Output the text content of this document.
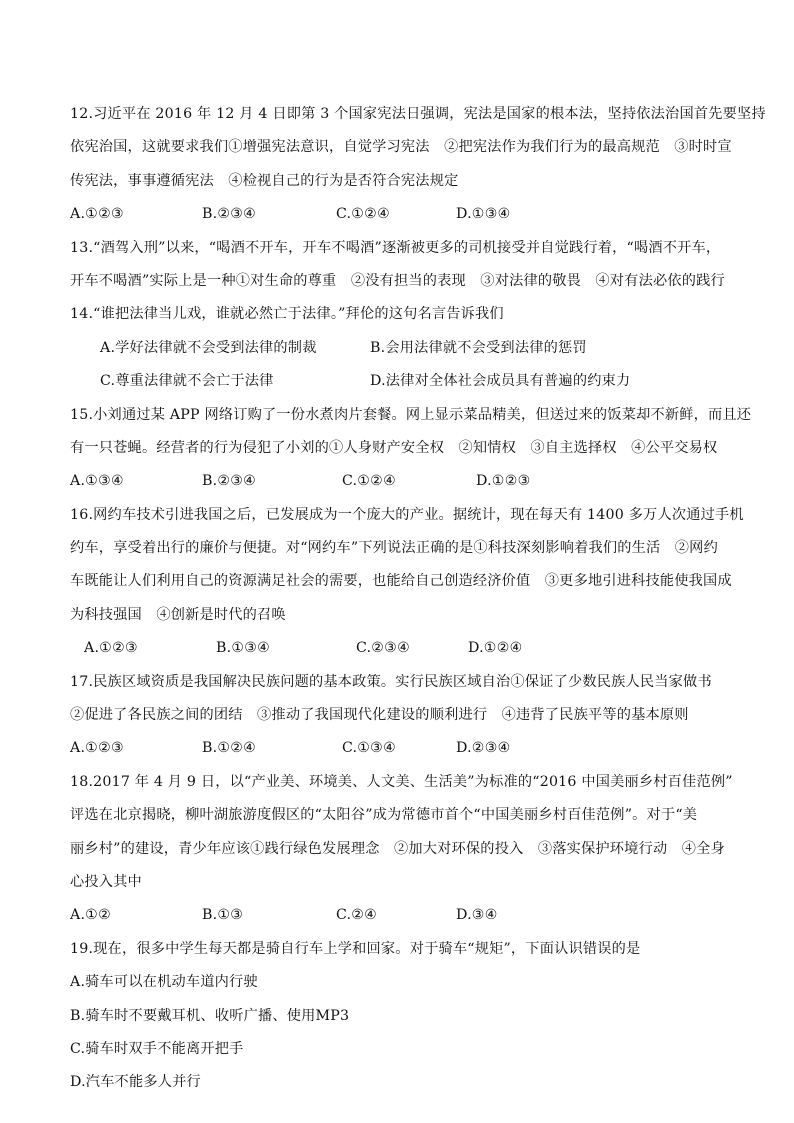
12.习近平在 2016 年 12 月 4 日即第 3 个国家宪法日强调，宪法是国家的根本法，坚持依法治国首先要坚持
依宪治国，这就要求我们①增强宪法意识，自觉学习宪法　②把宪法作为我们行为的最高规范　③时时宣
传宪法，事事遵循宪法　④检视自己的行为是否符合宪法规定
A.①②③	B.②③④	C.①②④	D.①③④
13.“酒驾入刑”以来，“喝酒不开车，开车不喝酒”逐渐被更多的司机接受并自觉践行着，“喝酒不开车，
开车不喝酒”实际上是一种①对生命的尊重　②没有担当的表现　③对法律的敬畏　④对有法必依的践行
14.“谁把法律当儿戏，谁就必然亡于法律。”拜伦的这句名言告诉我们
A.学好法律就不会受到法律的制裁	B.会用法律就不会受到法律的惩罚
C.尊重法律就不会亡于法律	D.法律对全体社会成员具有普遍的约束力
15.小刘通过某 APP 网络订购了一份水煮肉片套餐。网上显示菜品精美，但送过来的饭菜却不新鲜，而且还
有一只苍蝇。经营者的行为侵犯了小刘的①人身财产安全权　②知情权　③自主选择权　④公平交易权
A.①③④	B.②③④	C.①②④	D.①②③
16.网约车技术引进我国之后，已发展成为一个庞大的产业。据统计，现在每天有 1400 多万人次通过手机
约车，享受着出行的廉价与便捷。对“网约车”下列说法正确的是①科技深刻影响着我们的生活　②网约
车既能让人们利用自己的资源满足社会的需要，也能给自己创造经济价值　③更多地引进科技能使我国成
为科技强国　④创新是时代的召唤
A.①②③	B.①③④	C.②③④	D.①②④
17.民族区域资质是我国解决民族问题的基本政策。实行民族区域自治①保证了少数民族人民当家做书
②促进了各民族之间的团结　③推动了我国现代化建设的顺利进行　④违背了民族平等的基本原则
A.①②③	B.①②④	C.①③④	D.②③④
18.2017 年 4 月 9 日，以“产业美、环境美、人文美、生活美”为标准的“2016 中国美丽乡村百佳范例”
评选在北京揭晓，柳叶湖旅游度假区的“太阳谷”成为常德市首个“中国美丽乡村百佳范例”。对于“美
丽乡村”的建设，青少年应该①践行绿色发展理念　②加大对环保的投入　③落实保护环境行动　④全身
心投入其中
A.①②	B.①③	C.②④	D.③④
19.现在，很多中学生每天都是骑自行车上学和回家。对于骑车“规矩”，下面认识错误的是
A.骑车可以在机动车道内行驶
B.骑车时不要戴耳机、收听广播、使用MP3
C.骑车时双手不能离开把手
D.汽车不能多人并行
